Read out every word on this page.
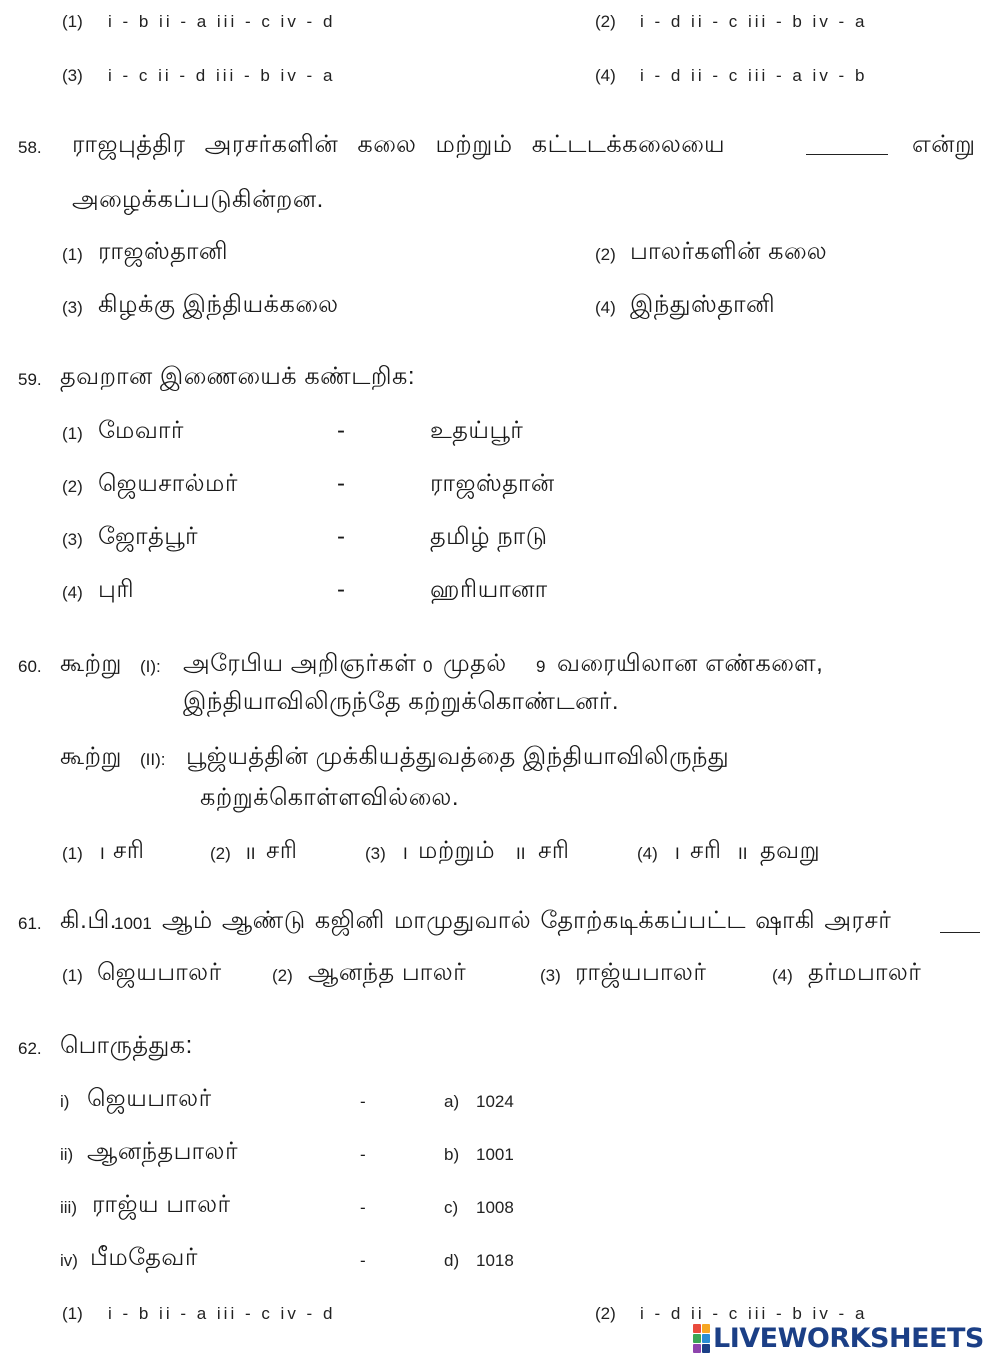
(1) i - b ii - a iii - c iv - d	(2) i - d ii - c iii - b iv - a
(3) i - c ii - d iii - b iv - a	(4) i - d ii - c iii - a iv - b
58. ராஜபுத்திர அரசர்களின் கலை மற்றும் கட்டடக்கலையை	என்று
அழைக்கப்படுகின்றன.
(1) ராஜஸ்தானி	(2) பாலர்களின் கலை
(3) கிழக்கு இந்தியக்கலை	(4) இந்துஸ்தானி
59. தவறான இணையைக் கண்டறிக:
(1) மேவார்	-	உதய்பூர்
(2) ஜெயசால்மர்	-	ராஜஸ்தான்
(3) ஜோத்பூர்	-	தமிழ் நாடு
(4) புரி	-	ஹரியானா
60. கூற்று (I): அரேபிய அறிஞர்கள் 0 முதல் 9 வரையிலான எண்களை,
இந்தியாவிலிருந்தே கற்றுக்கொண்டனர்.
கூற்று (II): பூஜ்யத்தின் முக்கியத்துவத்தை இந்தியாவிலிருந்து
கற்றுக்கொள்ளவில்லை.
(1) I சரி	(2) II சரி	(3) I மற்றும் II சரி	(4) I சரி II தவறு
61. கி.பி.
1001 ஆம் ஆண்டு கஜினி மாமுதுவால் தோற்கடிக்கப்பட்ட ஷாகி அரசர்
(1) ஜெயபாலர்	(2) ஆனந்த பாலர்	(3) ராஜ்யபாலர்	(4) தர்மபாலர்
62. பொருத்துக:
i) ஜெயபாலர்	-	a) 1024
ii) ஆனந்தபாலர்	-	b) 1001
iii) ராஜ்ய பாலர்	-	c) 1008
iv) பீமதேவர்	-	d) 1018
(1) i - b ii - a iii - c iv - d	(2) i - d ii - c iii - b iv - a
LIVEWORKSHEETS
